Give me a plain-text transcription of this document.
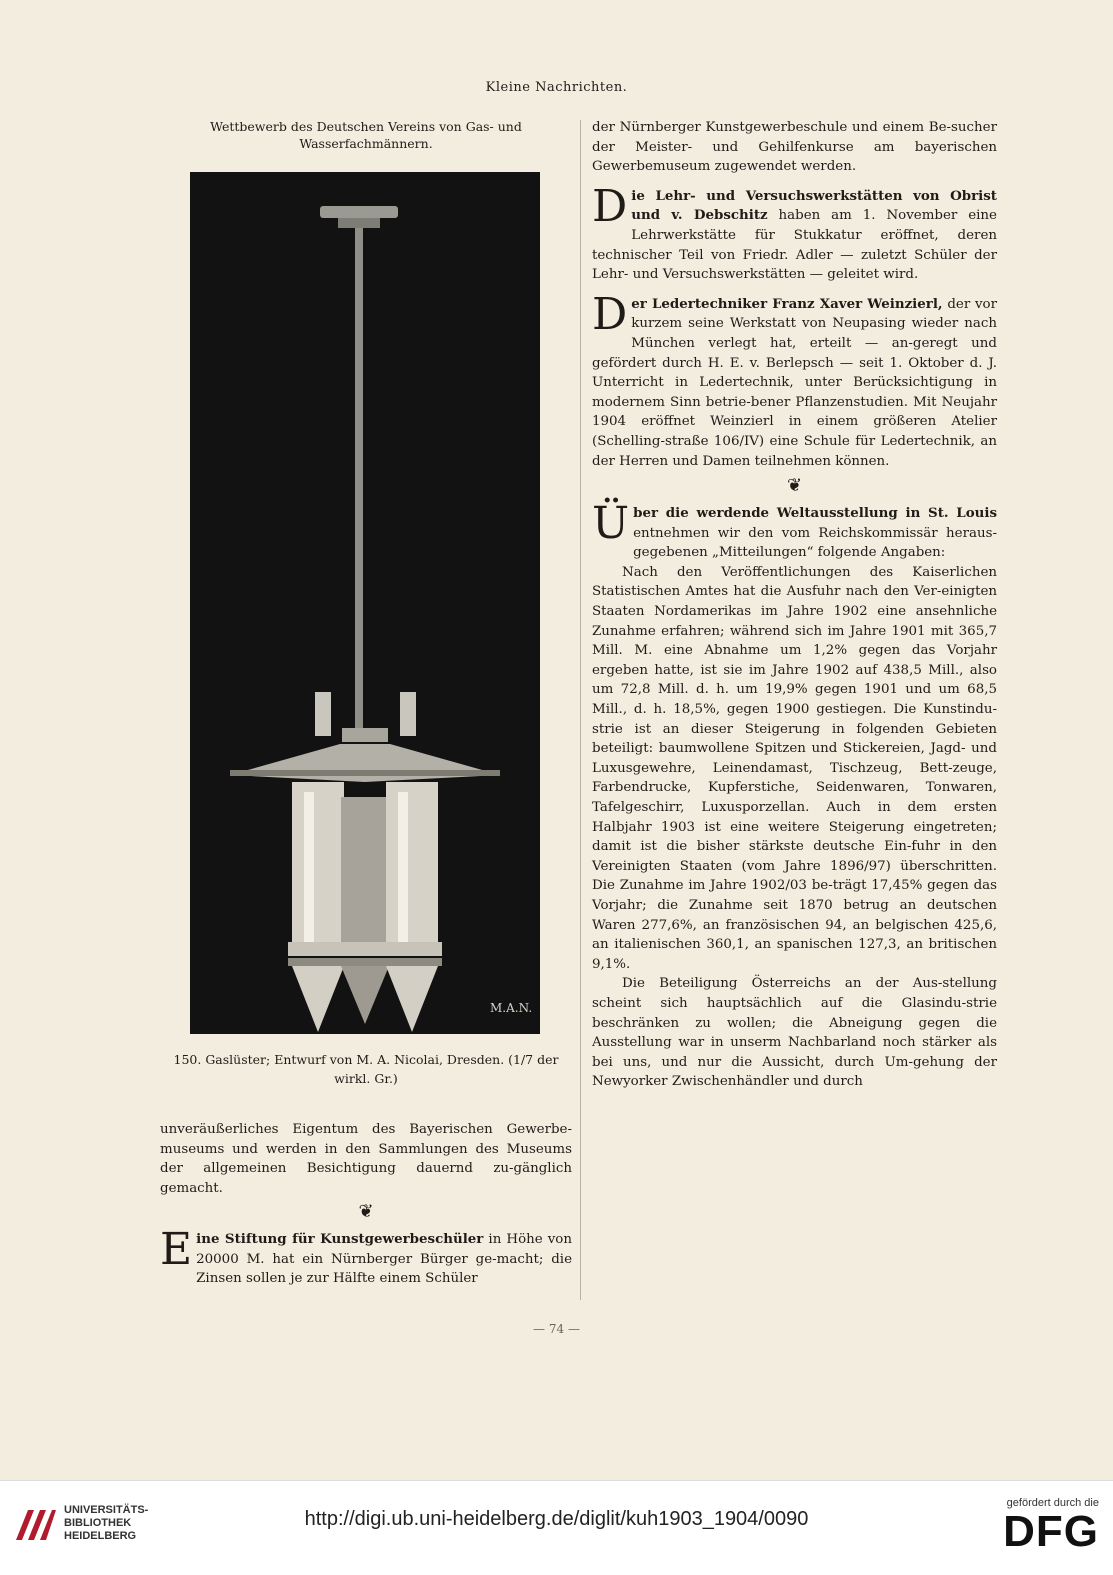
Kleine Nachrichten.

Wettbewerb des Deutschen Vereins von Gas- und Wasserfachmännern.

M.A.N.
150. Gaslüster; Entwurf von M. A. Nicolai, Dresden. (1/7 der wirkl. Gr.)

unveräußerliches Eigentum des Bayerischen Gewerbe-museums und werden in den Sammlungen des Museums der allgemeinen Besichtigung dauernd zu-gänglich gemacht.

❦

Eine Stiftung für Kunstgewerbeschüler in Höhe von 20000 M. hat ein Nürnberger Bürger ge-macht; die Zinsen sollen je zur Hälfte einem Schüler

der Nürnberger Kunstgewerbeschule und einem Be-sucher der Meister- und Gehilfenkurse am bayerischen Gewerbemuseum zugewendet werden.

Die Lehr- und Versuchswerkstätten von Obrist und v. Debschitz haben am 1. November eine Lehrwerkstätte für Stukkatur eröffnet, deren technischer Teil von Friedr. Adler — zuletzt Schüler der Lehr- und Versuchswerkstätten — geleitet wird.

Der Ledertechniker Franz Xaver Weinzierl, der vor kurzem seine Werkstatt von Neupasing wieder nach München verlegt hat, erteilt — an-geregt und gefördert durch H. E. v. Berlepsch — seit 1. Oktober d. J. Unterricht in Ledertechnik, unter Berücksichtigung in modernem Sinn betrie-bener Pflanzenstudien. Mit Neujahr 1904 eröffnet Weinzierl in einem größeren Atelier (Schelling-straße 106/IV) eine Schule für Ledertechnik, an der Herren und Damen teilnehmen können.

❦

Über die werdende Weltausstellung in St. Louis entnehmen wir den vom Reichskommissär heraus-gegebenen „Mitteilungen“ folgende Angaben:

Nach den Veröffentlichungen des Kaiserlichen Statistischen Amtes hat die Ausfuhr nach den Ver-einigten Staaten Nordamerikas im Jahre 1902 eine ansehnliche Zunahme erfahren; während sich im Jahre 1901 mit 365,7 Mill. M. eine Abnahme um 1,2% gegen das Vorjahr ergeben hatte, ist sie im Jahre 1902 auf 438,5 Mill., also um 72,8 Mill. d. h. um 19,9% gegen 1901 und um 68,5 Mill., d. h. 18,5%, gegen 1900 gestiegen. Die Kunstindu-strie ist an dieser Steigerung in folgenden Gebieten beteiligt: baumwollene Spitzen und Stickereien, Jagd- und Luxusgewehre, Leinendamast, Tischzeug, Bett-zeuge, Farbendrucke, Kupferstiche, Seidenwaren, Tonwaren, Tafelgeschirr, Luxusporzellan. Auch in dem ersten Halbjahr 1903 ist eine weitere Steigerung eingetreten; damit ist die bisher stärkste deutsche Ein-fuhr in den Vereinigten Staaten (vom Jahre 1896/97) überschritten. Die Zunahme im Jahre 1902/03 be-trägt 17,45% gegen das Vorjahr; die Zunahme seit 1870 betrug an deutschen Waren 277,6%, an französischen 94, an belgischen 425,6, an italienischen 360,1, an spanischen 127,3, an britischen 9,1%.

Die Beteiligung Österreichs an der Aus-stellung scheint sich hauptsächlich auf die Glasindu-strie beschränken zu wollen; die Abneigung gegen die Ausstellung war in unserm Nachbarland noch stärker als bei uns, und nur die Aussicht, durch Um-gehung der Newyorker Zwischenhändler und durch

— 74 —
UNIVERSITÄTS-
BIBLIOTHEK
HEIDELBERG
http://digi.ub.uni-heidelberg.de/diglit/kuh1903_1904/0090
gefördert durch die
DFG
